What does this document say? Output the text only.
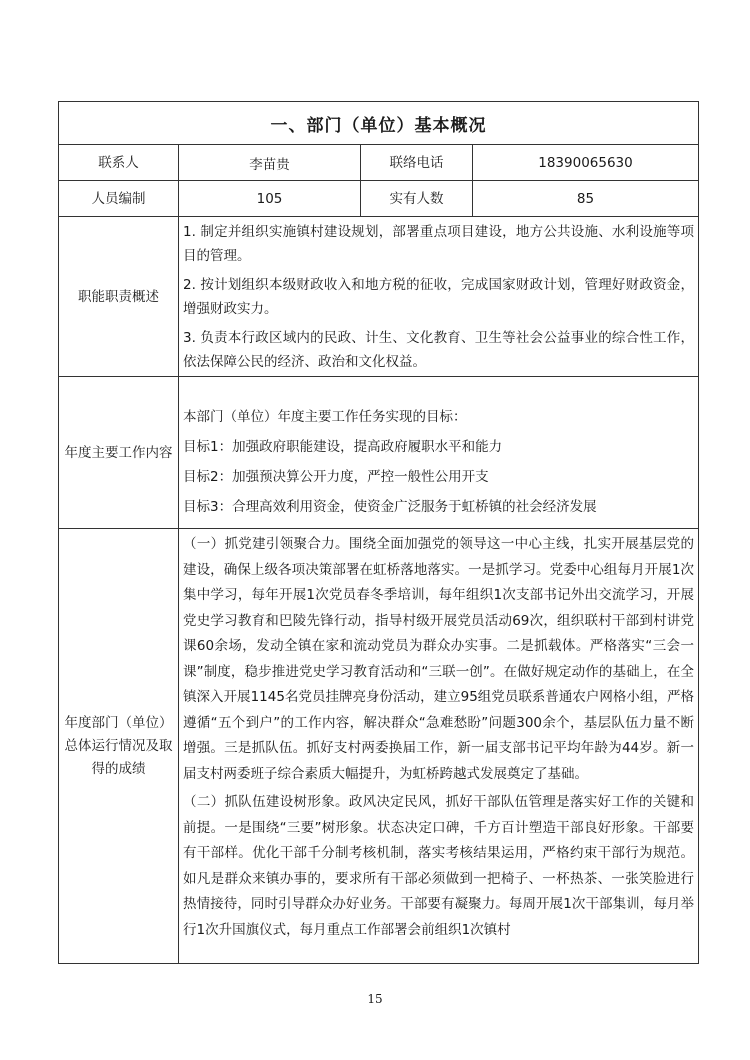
一、部门（单位）基本概况			
联系人	李苗贵	联络电话	18390065630
人员编制	105	实有人数	85
职能职责概述	1. 制定并组织实施镇村建设规划，部署重点项目建设，地方公共设施、水利设施等项目的管理。
2. 按计划组织本级财政收入和地方税的征收，完成国家财政计划，管理好财政资金，增强财政实力。
3. 负责本行政区域内的民政、计生、文化教育、卫生等社会公益事业的综合性工作，依法保障公民的经济、政治和文化权益。		

年度主要工作内容	本部门（单位）年度主要工作任务实现的目标：
目标1：加强政府职能建设，提高政府履职水平和能力
目标2：加强预决算公开力度，严控一般性公用开支
目标3：合理高效利用资金，使资金广泛服务于虹桥镇的社会经济发展		

年度部门（单位）总体运行情况及取得的成绩	（一）抓党建引领聚合力。围绕全面加强党的领导这一中心主线，扎实开展基层党的建设，确保上级各项决策部署在虹桥落地落实。一是抓学习。党委中心组每月开展1次集中学习，每年开展1次党员春冬季培训，每年组织1次支部书记外出交流学习，开展党史学习教育和巴陵先锋行动，指导村级开展党员活动69次，组织联村干部到村讲党课60余场，发动全镇在家和流动党员为群众办实事。二是抓载体。严格落实“三会一课”制度，稳步推进党史学习教育活动和“三联一创”。在做好规定动作的基础上，在全镇深入开展1145名党员挂牌亮身份活动，建立95组党员联系普通农户网格小组，严格遵循“五个到户”的工作内容，解决群众“急难愁盼”问题300余个，基层队伍力量不断增强。三是抓队伍。抓好支村两委换届工作，新一届支部书记平均年龄为44岁。新一届支村两委班子综合素质大幅提升，为虹桥跨越式发展奠定了基础。
（二）抓队伍建设树形象。政风决定民风，抓好干部队伍管理是落实好工作的关键和前提。一是围绕“三要”树形象。状态决定口碑，千方百计塑造干部良好形象。干部要有干部样。优化干部千分制考核机制，落实考核结果运用，严格约束干部行为规范。如凡是群众来镇办事的，要求所有干部必须做到一把椅子、一杯热茶、一张笑脸进行热情接待，同时引导群众办好业务。干部要有凝聚力。每周开展1次干部集训，每月举行1次升国旗仪式，每月重点工作部署会前组织1次镇村		
15
